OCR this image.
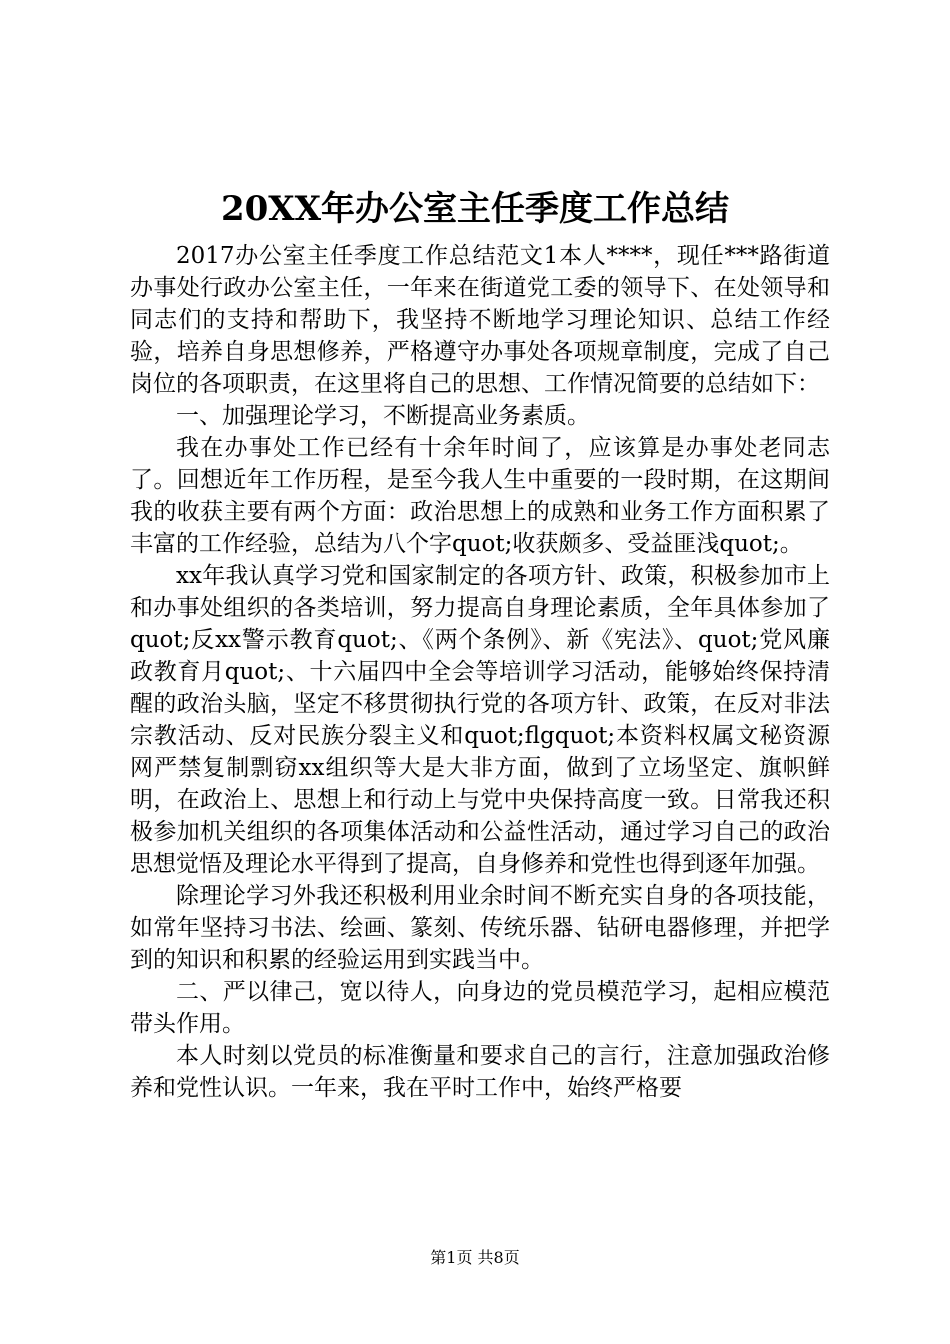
20XX年办公室主任季度工作总结

2017办公室主任季度工作总结范文1本人****，现任***路街道办事处行政办公室主任，一年来在街道党工委的领导下、在处领导和同志们的支持和帮助下，我坚持不断地学习理论知识、总结工作经验，培养自身思想修养，严格遵守办事处各项规章制度，完成了自己岗位的各项职责，在这里将自己的思想、工作情况简要的总结如下：

一、加强理论学习，不断提高业务素质。

我在办事处工作已经有十余年时间了，应该算是办事处老同志了。回想近年工作历程，是至今我人生中重要的一段时期，在这期间我的收获主要有两个方面：政治思想上的成熟和业务工作方面积累了丰富的工作经验，总结为八个字quot;收获颇多、受益匪浅quot;。

xx年我认真学习党和国家制定的各项方针、政策，积极参加市上和办事处组织的各类培训，努力提高自身理论素质，全年具体参加了quot;反xx警示教育quot;、《两个条例》、新《宪法》、quot;党风廉政教育月quot;、十六届四中全会等培训学习活动，能够始终保持清醒的政治头脑，坚定不移贯彻执行党的各项方针、政策，在反对非法宗教活动、反对民族分裂主义和quot;flgquot;本资料权属文秘资源网严禁复制剽窃xx组织等大是大非方面，做到了立场坚定、旗帜鲜明，在政治上、思想上和行动上与党中央保持高度一致。日常我还积极参加机关组织的各项集体活动和公益性活动，通过学习自己的政治思想觉悟及理论水平得到了提高，自身修养和党性也得到逐年加强。

除理论学习外我还积极利用业余时间不断充实自身的各项技能，如常年坚持习书法、绘画、篆刻、传统乐器、钻研电器修理，并把学到的知识和积累的经验运用到实践当中。

二、严以律己，宽以待人，向身边的党员模范学习，起相应模范带头作用。

本人时刻以党员的标准衡量和要求自己的言行，注意加强政治修养和党性认识。一年来，我在平时工作中，始终严格要

第1页 共8页
